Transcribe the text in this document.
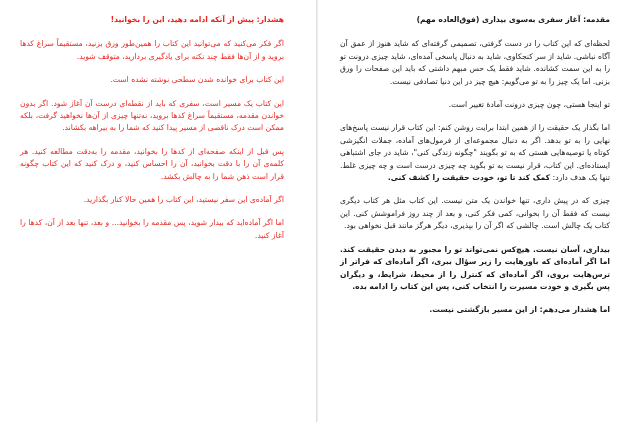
هشدار: پیش از آنکه ادامه دهید، این را بخوانید!

اگر فکر می‌کنید که می‌توانید این کتاب را همین‌طور ورق بزنید، مستقیماً سراغ کدها بروید و از آن‌ها فقط چند نکته برای یادگیری بردارید، متوقف شوید.

این کتاب برای خوانده شدن سطحی نوشته نشده است.

این کتاب یک مسیر است، سفری که باید از نقطه‌ای درست آن آغاز شود. اگر بدون خواندن مقدمه، مستقیماً سراغ کدها بروید، نه‌تنها چیزی از آن‌ها نخواهید گرفت، بلکه ممکن است درک ناقصی از مسیر پیدا کنید که شما را به بیراهه بکشاند.

پس قبل از اینکه صفحه‌ای از کدها را بخوانید، مقدمه را به‌دقت مطالعه کنید. هر کلمه‌ی آن را با دقت بخوانید، آن را احساس کنید، و درک کنید که این کتاب چگونه قرار است ذهن شما را به چالش بکشد.

اگر آماده‌ی این سفر نیستید، این کتاب را همین حالا کنار بگذارید.

اما اگر آماده‌اید که بیدار شوید، پس مقدمه را بخوانید... و بعد، تنها بعد از آن، کدها را آغاز کنید.

مقدمه: آغاز سفری به‌سوی بیداری (فوق‌العاده مهم)

لحظه‌ای که این کتاب را در دست گرفتی، تصمیمی گرفته‌ای که شاید هنوز از عمق آن آگاه نباشی. شاید از سر کنجکاوی، شاید به دنبال پاسخی آمده‌ای، شاید چیزی درونت تو را به این سمت کشانده. شاید فقط یک حس مبهم داشتی که باید این صفحات را ورق بزنی. اما یک چیز را به تو می‌گویم: هیچ چیز در این دنیا تصادفی نیست.

تو اینجا هستی، چون چیزی درونت آمادهٔ تغییر است.

اما بگذار یک حقیقت را از همین ابتدا برایت روشن کنم: این کتاب قرار نیست پاسخ‌های نهایی را به تو بدهد. اگر به دنبال مجموعه‌ای از فرمول‌های آماده، جملات انگیزشی کوتاه یا توصیه‌هایی هستی که به تو بگویند "چگونه زندگی کنی"، شاید در جای اشتباهی ایستاده‌ای. این کتاب، قرار نیست به تو بگوید چه چیزی درست است و چه چیزی غلط. تنها یک هدف دارد: کمک کند تا تو، خودت حقیقت را کشف کنی.

چیزی که در پیش داری، تنها خواندن یک متن نیست. این کتاب مثل هر کتاب دیگری نیست که فقط آن را بخوانی، کمی فکر کنی، و بعد از چند روز فراموشش کنی. این کتاب یک چالش است. چالشی که اگر آن را بپذیری، دیگر هرگز مانند قبل نخواهی بود.

بیداری، آسان نیست. هیچ‌کس نمی‌تواند تو را مجبور به دیدن حقیقت کند. اما اگر آماده‌ای که باورهایت را زیر سؤال ببری، اگر آماده‌ای که فراتر از ترس‌هایت بروی، اگر آماده‌ای که کنترل را از محیط، شرایط، و دیگران پس بگیری و خودت مسیرت را انتخاب کنی، پس این کتاب را ادامه بده.

اما هشدار می‌دهم: از این مسیر بازگشتی نیست.
